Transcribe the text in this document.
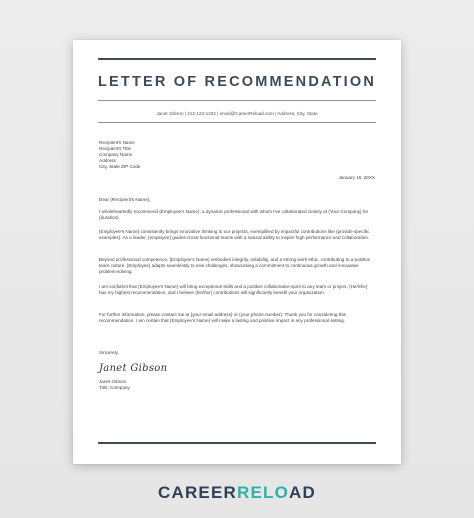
LETTER OF RECOMMENDATION
Janet Gibson | 212-123-1234 | email@CareerReload.com | Address, City, State
Recipient's Name
Recipient's Title
Company Name
Address
City, State ZIP Code
January 16, 20XX
Dear {Recipient's Name},
I wholeheartedly recommend {Employee's Name}, a dynamic professional with whom I've collaborated closely at {Your Company} for {duration}.
{Employee's Name} consistently brings innovative thinking to our projects, exemplified by impactful contributions like {provide specific examples}. As a leader, {employee} guides cross-functional teams with a natural ability to inspire high performance and collaboration.
Beyond professional competence, {Employee's Name} embodies integrity, reliability, and a strong work ethic, contributing to a positive team culture. {Employee} adapts seamlessly to new challenges, showcasing a commitment to continuous growth and innovative problem-solving.
I am confident that {Employee's Name} will bring exceptional skills and a positive collaborative spirit to any team or project. {He/She} has my highest recommendation, and I believe {his/her} contributions will significantly benefit your organization.
For further information, please contact me at {your email address} or {your phone number}. Thank you for considering this recommendation. I am certain that {Employee's Name} will make a lasting and positive impact in any professional setting.
Sincerely,
Janet Gibson
Janet Gibson
Title, Company
CAREERRELOAD
